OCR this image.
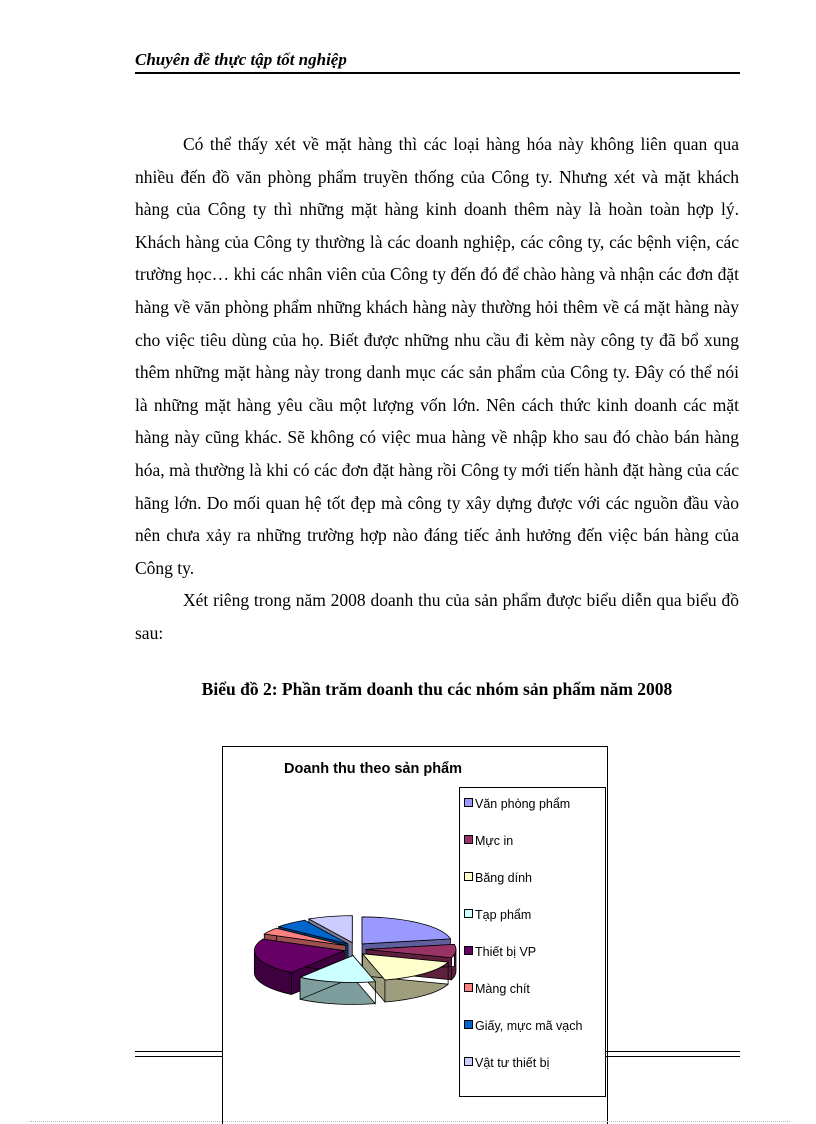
Chuyên đề thực tập tốt nghiệp

Có thể thấy xét về mặt hàng thì các loại hàng hóa này không liên quan qua nhiều đến đồ văn phòng phẩm truyền thống của Công ty. Nhưng xét và mặt khách hàng của Công ty thì những mặt hàng kinh doanh thêm này là hoàn toàn hợp lý. Khách hàng của Công ty thường là các doanh nghiệp, các công ty, các bệnh viện, các trường học… khi các nhân viên của Công ty đến đó để chào hàng và nhận các đơn đặt hàng về văn phòng phẩm những khách hàng này thường hỏi thêm về cá mặt hàng này cho việc tiêu dùng của họ. Biết được những nhu cầu đi kèm này công ty đã bổ xung thêm những mặt hàng này trong danh mục các sản phẩm của Công ty. Đây có thể nói là những mặt hàng yêu cầu một lượng vốn lớn. Nên cách thức kinh doanh các mặt hàng này cũng khác. Sẽ không có việc mua hàng về nhập kho sau đó chào bán hàng hóa, mà thường là khi có các đơn đặt hàng rồi Công ty mới tiến hành đặt hàng của các hãng lớn. Do mối quan hệ tốt đẹp mà công ty xây dựng được với các nguồn đầu vào nên chưa xảy ra những trường hợp nào đáng tiếc ảnh hưởng đến việc bán hàng của Công ty.

Xét riêng trong năm 2008 doanh thu của sản phẩm được biểu diễn qua biểu đồ sau:

Biểu đồ 2: Phần trăm doanh thu các nhóm sản phẩm năm 2008
Doanh thu theo sản phẩm
Văn phòng phẩm
Mực in
Băng dính
Tạp phẩm
Thiết bị VP
Màng chít
Giấy, mực mã vạch
Vật tư thiết bị
